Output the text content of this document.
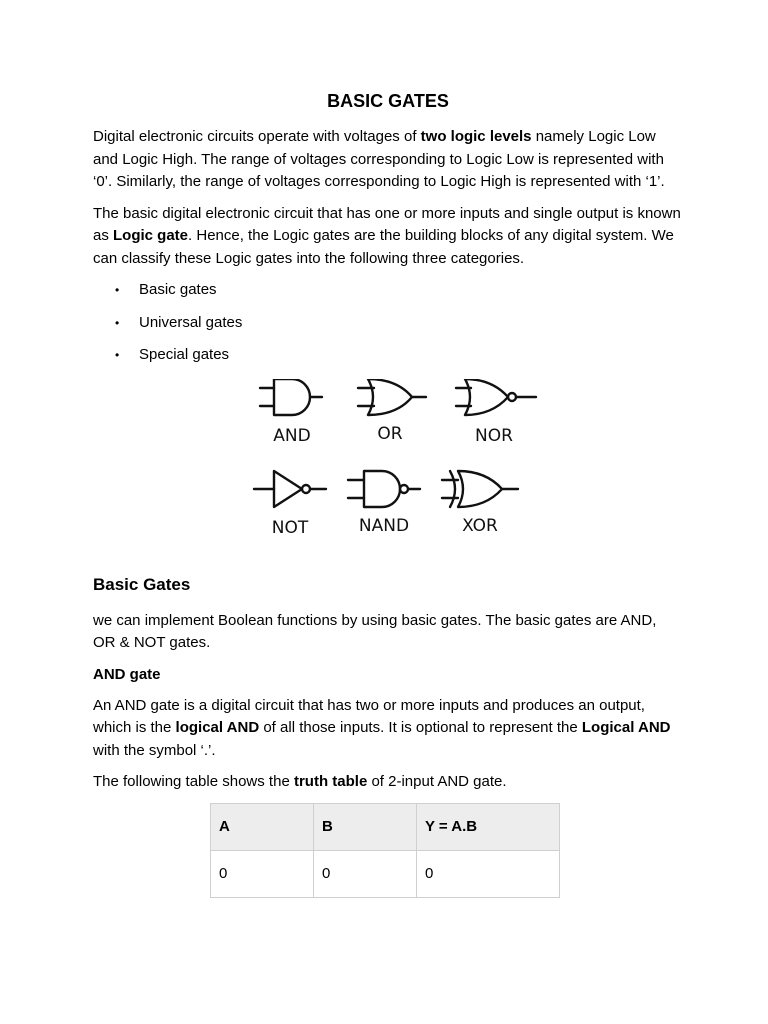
BASIC GATES

Digital electronic circuits operate with voltages of two logic levels namely Logic Low and Logic High. The range of voltages corresponding to Logic Low is represented with ‘0’. Similarly, the range of voltages corresponding to Logic High is represented with ‘1’.

The basic digital electronic circuit that has one or more inputs and single output is known as Logic gate. Hence, the Logic gates are the building blocks of any digital system. We can classify these Logic gates into the following three categories.

• Basic gates
• Universal gates
• Special gates
AND	OR	NOR
NOT	NAND	XOR
Basic Gates

we can implement Boolean functions by using basic gates. The basic gates are AND, OR & NOT gates.

AND gate

An AND gate is a digital circuit that has two or more inputs and produces an output, which is the logical AND of all those inputs. It is optional to represent the Logical AND with the symbol ‘.’.

The following table shows the truth table of 2-input AND gate.

A	B	Y = A.B
0	0	0
